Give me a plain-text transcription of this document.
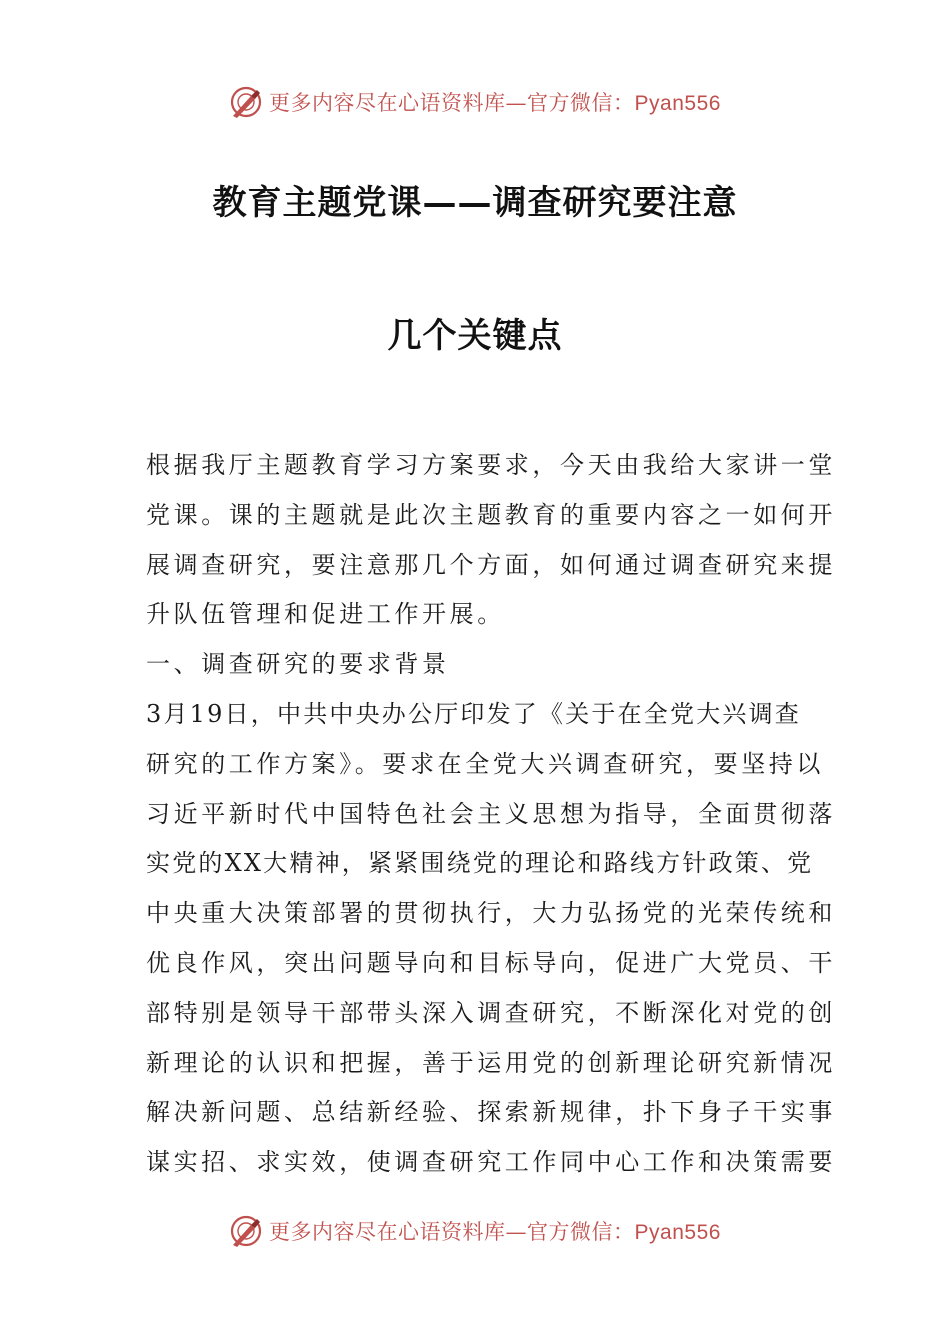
更多内容尽在心语资料库—官方微信：Pyan556
教育主题党课——调查研究要注意
几个关键点
根据我厅主题教育学习方案要求，今天由我给大家讲一堂
党课。课的主题就是此次主题教育的重要内容之一如何开
展调查研究，要注意那几个方面，如何通过调查研究来提
升队伍管理和促进工作开展。
一、调查研究的要求背景
3月19日，中共中央办公厅印发了《关于在全党大兴调查
研究的工作方案》。要求在全党大兴调查研究，要坚持以
习近平新时代中国特色社会主义思想为指导，全面贯彻落
实党的XX大精神，紧紧围绕党的理论和路线方针政策、党
中央重大决策部署的贯彻执行，大力弘扬党的光荣传统和
优良作风，突出问题导向和目标导向，促进广大党员、干
部特别是领导干部带头深入调查研究，不断深化对党的创
新理论的认识和把握，善于运用党的创新理论研究新情况
解决新问题、总结新经验、探索新规律，扑下身子干实事
谋实招、求实效，使调查研究工作同中心工作和决策需要
更多内容尽在心语资料库—官方微信：Pyan556
